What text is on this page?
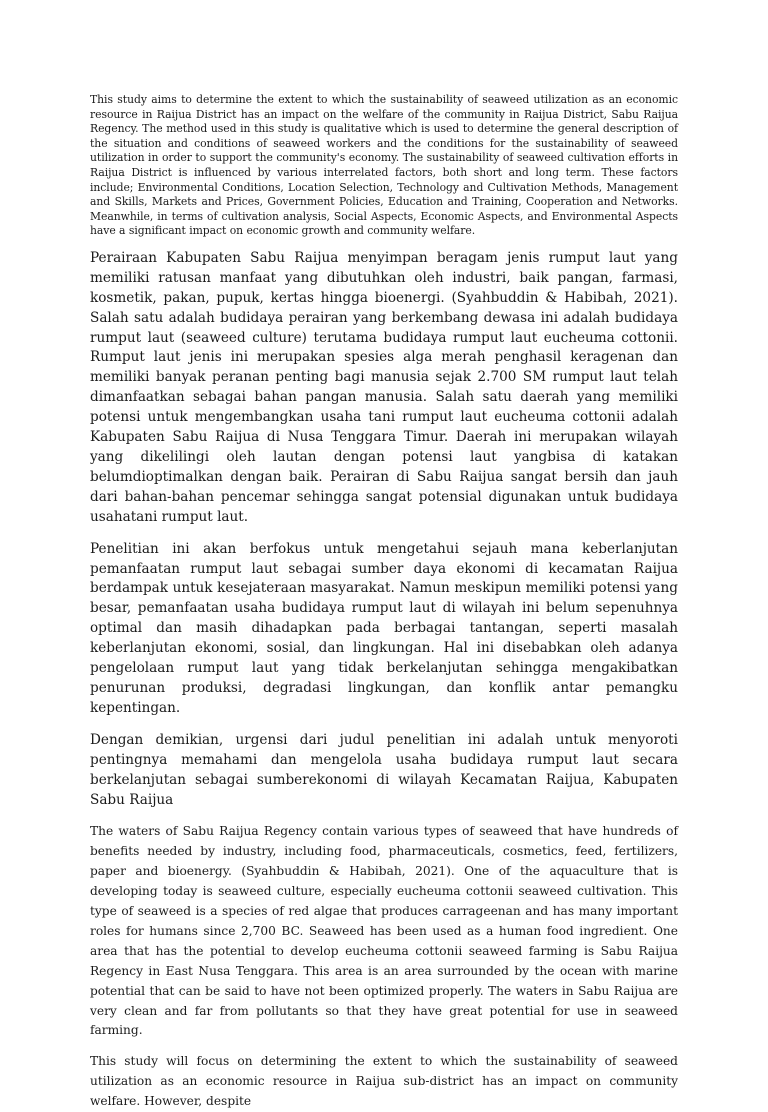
This study aims to determine the extent to which the sustainability of seaweed utilization as an economic resource in Raijua District has an impact on the welfare of the community in Raijua District, Sabu Raijua Regency. The method used in this study is qualitative which is used to determine the general description of the situation and conditions of seaweed workers and the conditions for the sustainability of seaweed utilization in order to support the community's economy. The sustainability of seaweed cultivation efforts in Raijua District is influenced by various interrelated factors, both short and long term. These factors include; Environmental Conditions, Location Selection, Technology and Cultivation Methods, Management and Skills, Markets and Prices, Government Policies, Education and Training, Cooperation and Networks. Meanwhile, in terms of cultivation analysis, Social Aspects, Economic Aspects, and Environmental Aspects have a significant impact on economic growth and community welfare.

Perairaan Kabupaten Sabu Raijua menyimpan beragam jenis rumput laut yang memiliki ratusan manfaat yang dibutuhkan oleh industri, baik pangan, farmasi, kosmetik, pakan, pupuk, kertas hingga bioenergi. (Syahbuddin & Habibah, 2021). Salah satu adalah budidaya perairan yang berkembang dewasa ini adalah budidaya rumput laut (seaweed culture) terutama budidaya rumput laut eucheuma cottonii. Rumput laut jenis ini merupakan spesies alga merah penghasil keragenan dan memiliki banyak peranan penting bagi manusia sejak 2.700 SM rumput laut telah dimanfaatkan sebagai bahan pangan manusia. Salah satu daerah yang memiliki potensi untuk mengembangkan usaha tani rumput laut eucheuma cottonii adalah Kabupaten Sabu Raijua di Nusa Tenggara Timur. Daerah ini merupakan wilayah yang dikelilingi oleh lautan dengan potensi laut yangbisa di katakan belumdioptimalkan dengan baik. Perairan di Sabu Raijua sangat bersih dan jauh dari bahan-bahan pencemar sehingga sangat potensial digunakan untuk budidaya usahatani rumput laut.

Penelitian ini akan berfokus untuk mengetahui sejauh mana keberlanjutan pemanfaatan rumput laut sebagai sumber daya ekonomi di kecamatan Raijua berdampak untuk kesejateraan masyarakat. Namun meskipun memiliki potensi yang besar, pemanfaatan usaha budidaya rumput laut di wilayah ini belum sepenuhnya optimal dan masih dihadapkan pada berbagai tantangan, seperti masalah keberlanjutan ekonomi, sosial, dan lingkungan. Hal ini disebabkan oleh adanya pengelolaan rumput laut yang tidak berkelanjutan sehingga mengakibatkan penurunan produksi, degradasi lingkungan, dan konflik antar pemangku kepentingan.

Dengan demikian, urgensi dari judul penelitian ini adalah untuk menyoroti pentingnya memahami dan mengelola usaha budidaya rumput laut secara berkelanjutan sebagai sumberekonomi di wilayah Kecamatan Raijua, Kabupaten Sabu Raijua

The waters of Sabu Raijua Regency contain various types of seaweed that have hundreds of benefits needed by industry, including food, pharmaceuticals, cosmetics, feed, fertilizers, paper and bioenergy. (Syahbuddin & Habibah, 2021). One of the aquaculture that is developing today is seaweed culture, especially eucheuma cottonii seaweed cultivation. This type of seaweed is a species of red algae that produces carrageenan and has many important roles for humans since 2,700 BC. Seaweed has been used as a human food ingredient. One area that has the potential to develop eucheuma cottonii seaweed farming is Sabu Raijua Regency in East Nusa Tenggara. This area is an area surrounded by the ocean with marine potential that can be said to have not been optimized properly. The waters in Sabu Raijua are very clean and far from pollutants so that they have great potential for use in seaweed farming.

This study will focus on determining the extent to which the sustainability of seaweed utilization as an economic resource in Raijua sub-district has an impact on community welfare. However, despite
